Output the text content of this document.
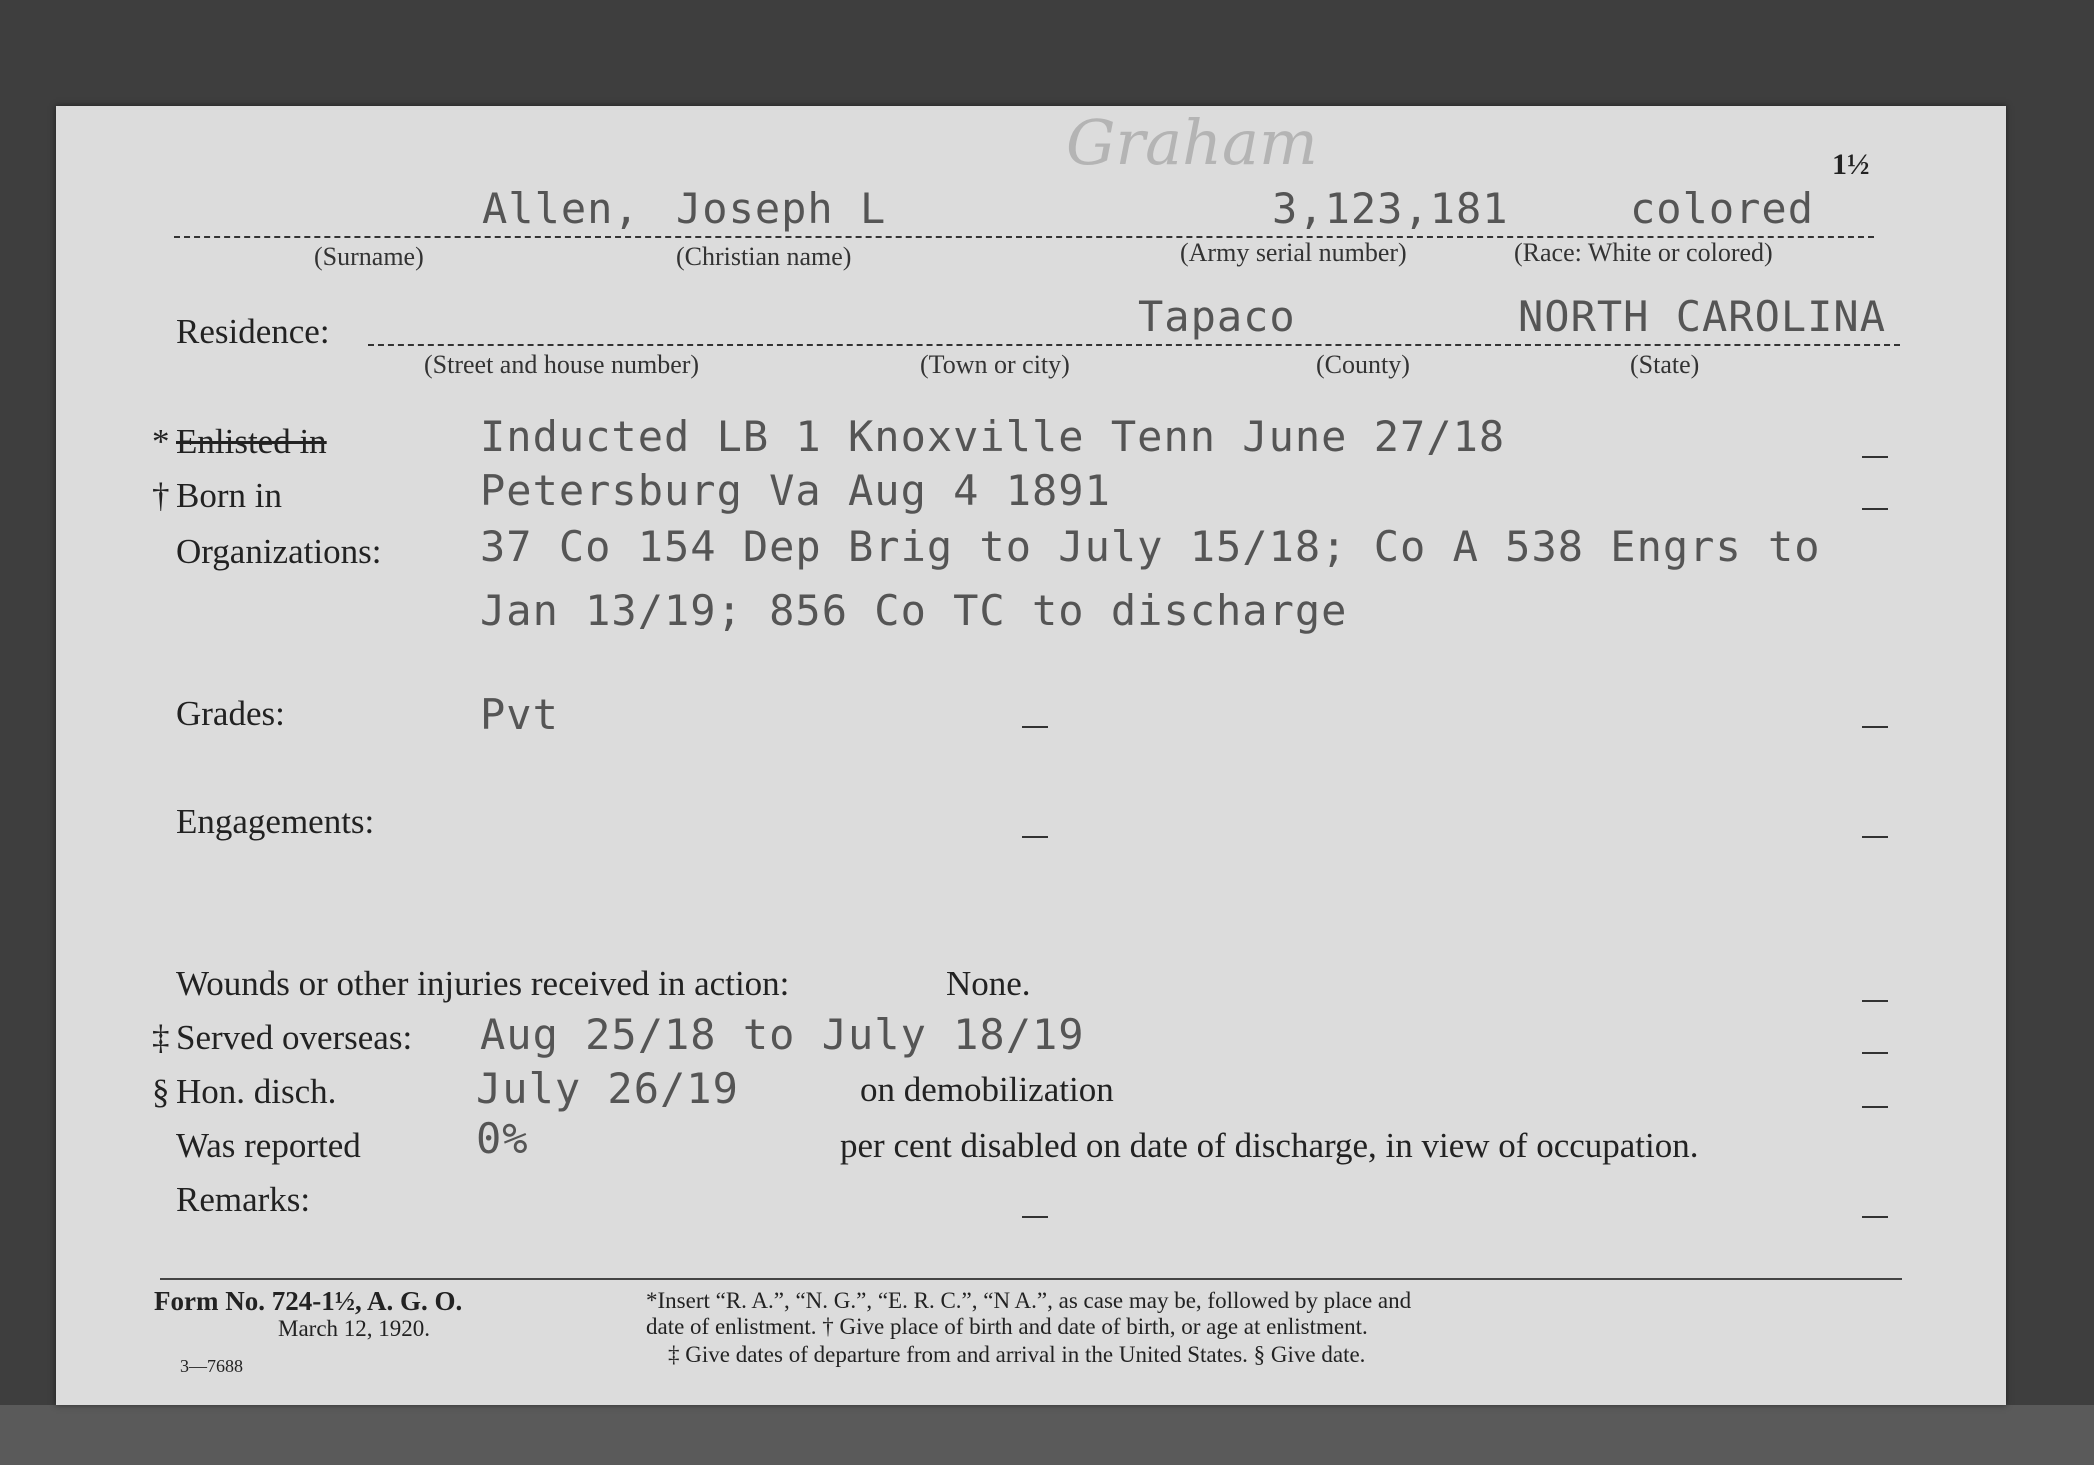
Graham	1½
Allen, Joseph L	3,123,181	colored
(Surname)	(Christian name)	(Army serial number)	(Race: White or colored)
Residence:	Tapaco	NORTH CAROLINA
(Street and house number)	(Town or city)	(County)	(State)
* Enlisted in	Inducted LB 1 Knoxville Tenn June 27/18
† Born in	Petersburg Va Aug 4 1891
Organizations: 37 Co 154 Dep Brig to July 15/18; Co A 538 Engrs to
Jan 13/19; 856 Co TC to discharge
Grades:	Pvt
Engagements:
Wounds or other injuries received in action:	None.
‡ Served overseas: Aug 25/18 to July 18/19
§ Hon. disch.	July 26/19	on demobilization
Was reported	0%	per cent disabled on date of discharge, in view of occupation.
Remarks:
Form No. 724-1½, A. G. O.
March 12, 1920.
3—7688
*Insert “R. A.”, “N. G.”, “E. R. C.”, “N A.”, as case may be, followed by place and
date of enlistment. † Give place of birth and date of birth, or age at enlistment.
‡ Give dates of departure from and arrival in the United States. § Give date.
